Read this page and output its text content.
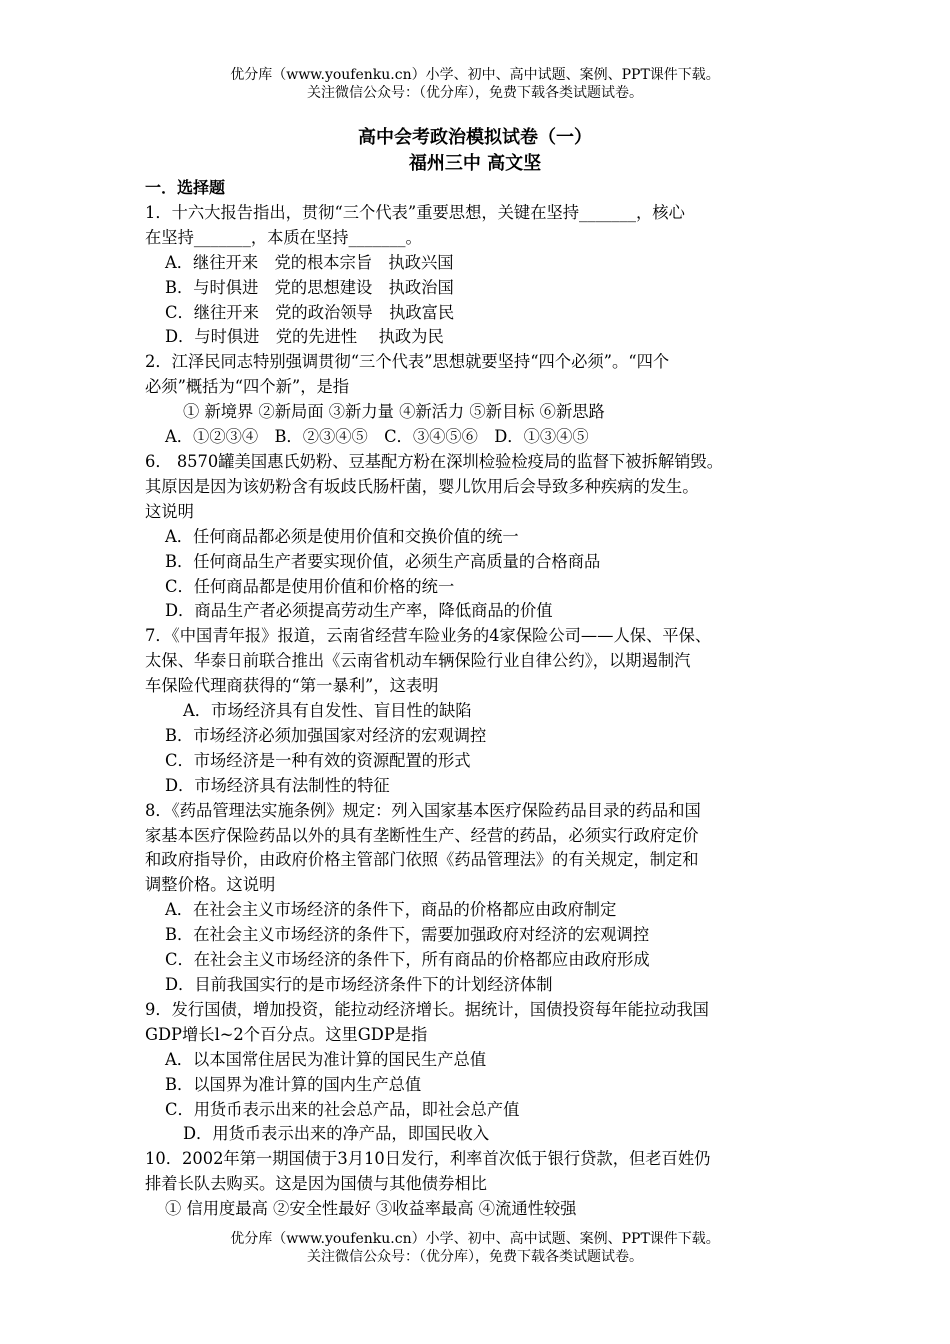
优分库（www.youfenku.cn）小学、初中、高中试题、案例、PPT课件下载。
关注微信公众号：（优分库），免费下载各类试题试卷。
高中会考政治模拟试卷（一）
福州三中 高文坚

一．选择题

1．十六大报告指出，贯彻“三个代表”重要思想，关键在坚持_______，核心

在坚持_______，本质在坚持_______。

A．继往开来　党的根本宗旨　执政兴国

B．与时俱进　党的思想建设　执政治国

C．继往开来　党的政治领导　执政富民

D．与时俱进　党的先进性　 执政为民

2．江泽民同志特别强调贯彻“三个代表”思想就要坚持“四个必须”。“四个

必须”概括为“四个新”，是指

① 新境界 ②新局面 ③新力量 ④新活力 ⑤新目标 ⑥新思路

A．①②③④　B．②③④⑤　C．③④⑤⑥　D．①③④⑤

6． 8570罐美国惠氏奶粉、豆基配方粉在深圳检验检疫局的监督下被拆解销毁。

其原因是因为该奶粉含有坂歧氏肠杆菌，婴儿饮用后会导致多种疾病的发生。

这说明

A．任何商品都必须是使用价值和交换价值的统一

B．任何商品生产者要实现价值，必须生产高质量的合格商品

C．任何商品都是使用价值和价格的统一

D．商品生产者必须提高劳动生产率，降低商品的价值

7．《中国青年报》报道，云南省经营车险业务的4家保险公司——人保、平保、

太保、华泰日前联合推出《云南省机动车辆保险行业自律公约》，以期遏制汽

车保险代理商获得的“第一暴利”，这表明

A．市场经济具有自发性、盲目性的缺陷

B．市场经济必须加强国家对经济的宏观调控

C．市场经济是一种有效的资源配置的形式

D．市场经济具有法制性的特征

8．《药品管理法实施条例》规定：列入国家基本医疗保险药品目录的药品和国

家基本医疗保险药品以外的具有垄断性生产、经营的药品，必须实行政府定价

和政府指导价，由政府价格主管部门依照《药品管理法》的有关规定，制定和

调整价格。这说明

A．在社会主义市场经济的条件下，商品的价格都应由政府制定

B．在社会主义市场经济的条件下，需要加强政府对经济的宏观调控

C．在社会主义市场经济的条件下，所有商品的价格都应由政府形成

D．目前我国实行的是市场经济条件下的计划经济体制

9．发行国债，增加投资，能拉动经济增长。据统计，国债投资每年能拉动我国

GDP增长l~2个百分点。这里GDP是指

A．以本国常住居民为准计算的国民生产总值

B．以国界为准计算的国内生产总值

C．用货币表示出来的社会总产品，即社会总产值

D．用货币表示出来的净产品，即国民收入

10．2002年第一期国债于3月10日发行，利率首次低于银行贷款，但老百姓仍

排着长队去购买。这是因为国债与其他债券相比

① 信用度最高 ②安全性最好 ③收益率最高 ④流通性较强

优分库（www.youfenku.cn）小学、初中、高中试题、案例、PPT课件下载。
关注微信公众号：（优分库），免费下载各类试题试卷。
